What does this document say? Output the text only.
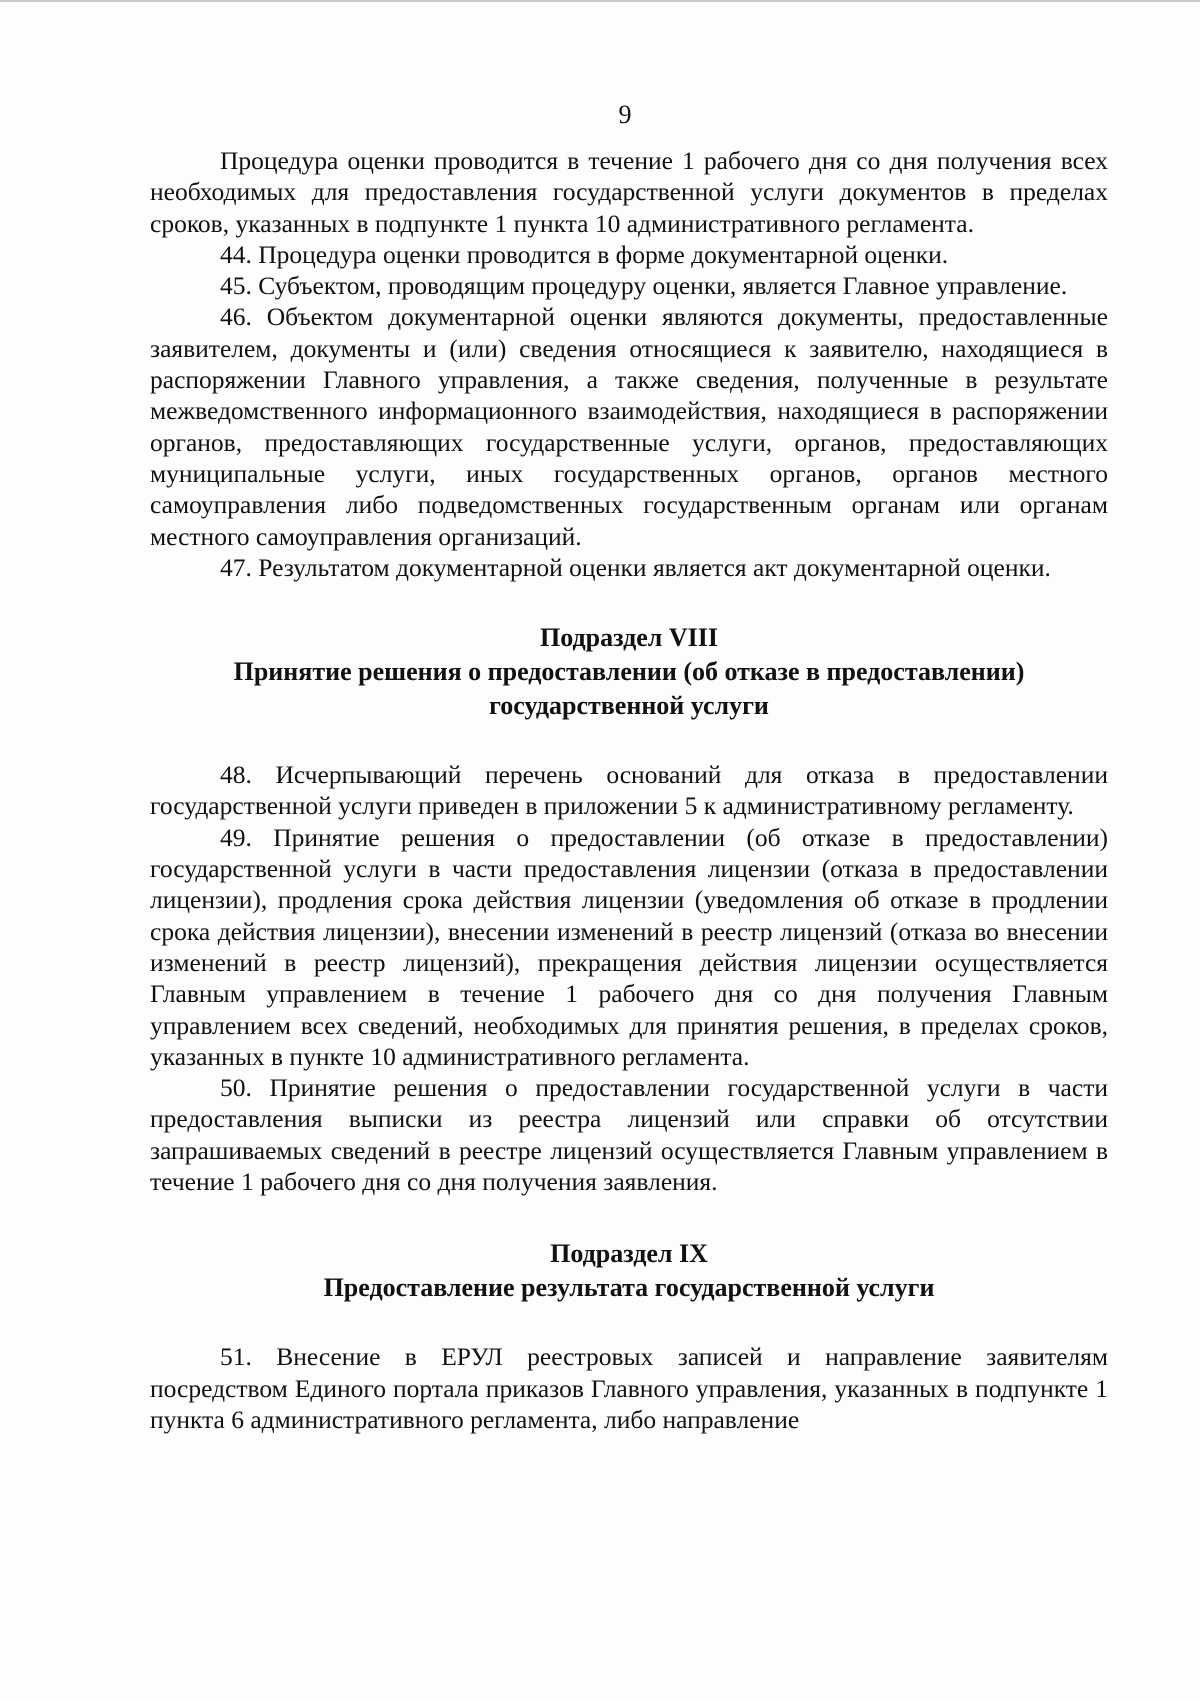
9

Процедура оценки проводится в течение 1 рабочего дня со дня получения всех необходимых для предоставления государственной услуги документов в пределах сроков, указанных в подпункте 1 пункта 10 административного регламента.

44. Процедура оценки проводится в форме документарной оценки.

45. Субъектом, проводящим процедуру оценки, является Главное управление.

46. Объектом документарной оценки являются документы, предоставленные заявителем, документы и (или) сведения относящиеся к заявителю, находящиеся в распоряжении Главного управления, а также сведения, полученные в результате межведомственного информационного взаимодействия, находящиеся в распоряжении органов, предоставляющих государственные услуги, органов, предоставляющих муниципальные услуги, иных государственных органов, органов местного самоуправления либо подведомственных государственным органам или органам местного самоуправления организаций.

47. Результатом документарной оценки является акт документарной оценки.

Подраздел VIII
Принятие решения о предоставлении (об отказе в предоставлении)
государственной услуги

48. Исчерпывающий перечень оснований для отказа в предоставлении государственной услуги приведен в приложении 5 к административному регламенту.

49. Принятие решения о предоставлении (об отказе в предоставлении) государственной услуги в части предоставления лицензии (отказа в предоставлении лицензии), продления срока действия лицензии (уведомления об отказе в продлении срока действия лицензии), внесении изменений в реестр лицензий (отказа во внесении изменений в реестр лицензий), прекращения действия лицензии осуществляется Главным управлением в течение 1 рабочего дня со дня получения Главным управлением всех сведений, необходимых для принятия решения, в пределах сроков, указанных в пункте 10 административного регламента.

50. Принятие решения о предоставлении государственной услуги в части предоставления выписки из реестра лицензий или справки об отсутствии запрашиваемых сведений в реестре лицензий осуществляется Главным управлением в течение 1 рабочего дня со дня получения заявления.

Подраздел IX
Предоставление результата государственной услуги

51. Внесение в ЕРУЛ реестровых записей и направление заявителям посредством Единого портала приказов Главного управления, указанных в подпункте 1 пункта 6 административного регламента, либо направление
